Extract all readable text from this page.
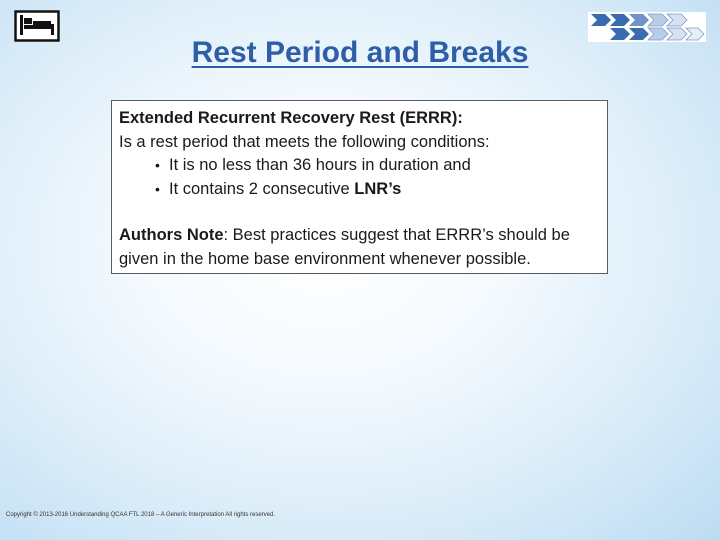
Rest Period and Breaks
Extended Recurrent Recovery Rest (ERRR):
Is a rest period that meets the following conditions:
• It is no less than 36 hours in duration and
• It contains 2 consecutive LNR’s
Authors Note: Best practices suggest that ERRR’s should be
given in the home base environment whenever possible.
Copyright © 2013-2016 Understanding QCAA FTL 2018 – A Generic Interpretation All rights reserved.
